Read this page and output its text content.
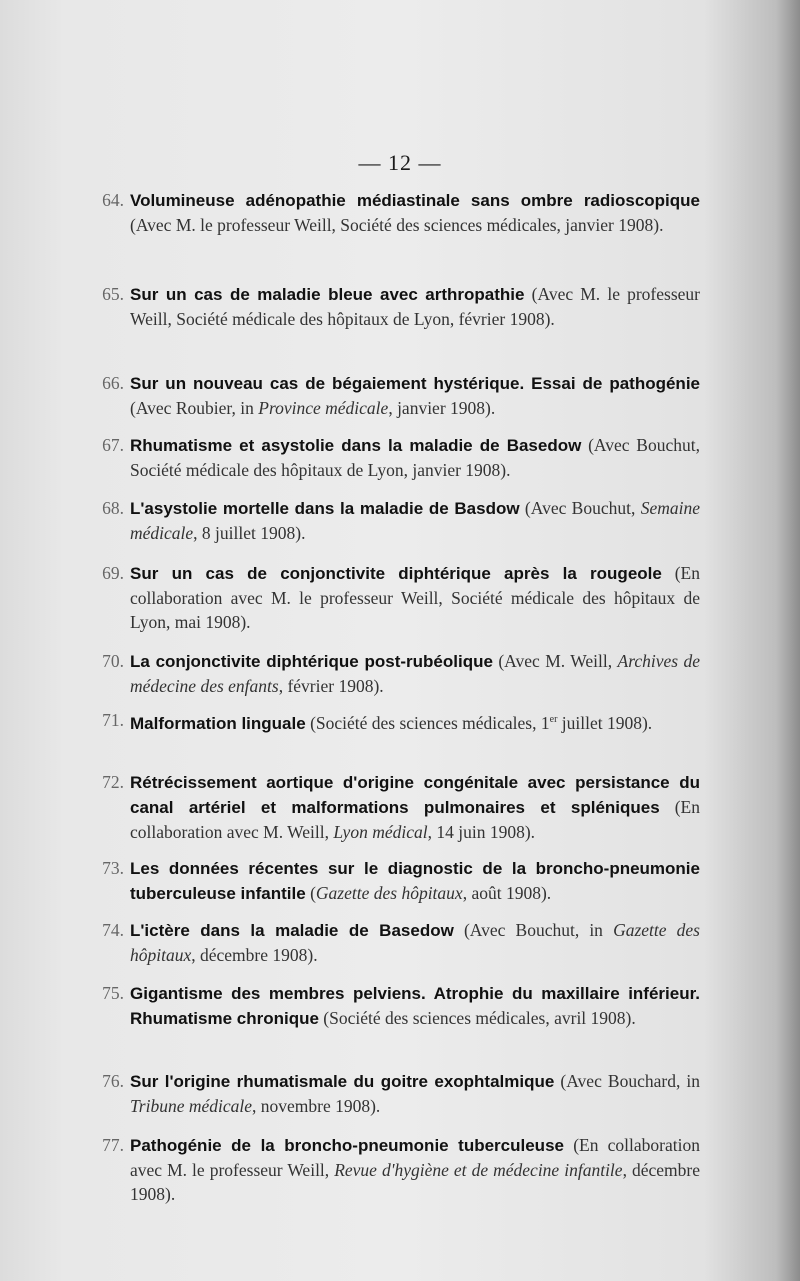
— 12 —
64. Volumineuse adénopathie médiastinale sans ombre radioscopique (Avec M. le professeur Weill, Société des sciences médicales, janvier 1908).
65. Sur un cas de maladie bleue avec arthropathie (Avec M. le professeur Weill, Société médicale des hôpitaux de Lyon, février 1908).
66. Sur un nouveau cas de bégaiement hystérique. Essai de pathogénie (Avec Roubier, in Province médicale, janvier 1908).
67. Rhumatisme et asystolie dans la maladie de Basedow (Avec Bouchut, Société médicale des hôpitaux de Lyon, janvier 1908).
68. L'asystolie mortelle dans la maladie de Basdow (Avec Bouchut, Semaine médicale, 8 juillet 1908).
69. Sur un cas de conjonctivite diphtérique après la rougeole (En collaboration avec M. le professeur Weill, Société médicale des hôpitaux de Lyon, mai 1908).
70. La conjonctivite diphtérique post-rubéolique (Avec M. Weill, Archives de médecine des enfants, février 1908).
71. Malformation linguale (Société des sciences médicales, 1er juillet 1908).
72. Rétrécissement aortique d'origine congénitale avec persistance du canal artériel et malformations pulmonaires et spléniques (En collaboration avec M. Weill, Lyon médical, 14 juin 1908).
73. Les données récentes sur le diagnostic de la broncho-pneumonie tuberculeuse infantile (Gazette des hôpitaux, août 1908).
74. L'ictère dans la maladie de Basedow (Avec Bouchut, in Gazette des hôpitaux, décembre 1908).
75. Gigantisme des membres pelviens. Atrophie du maxillaire inférieur. Rhumatisme chronique (Société des sciences médicales, avril 1908).
76. Sur l'origine rhumatismale du goitre exophtalmique (Avec Bouchard, in Tribune médicale, novembre 1908).
77. Pathogénie de la broncho-pneumonie tuberculeuse (En collaboration avec M. le professeur Weill, Revue d'hygiène et de médecine infantile, décembre 1908).
